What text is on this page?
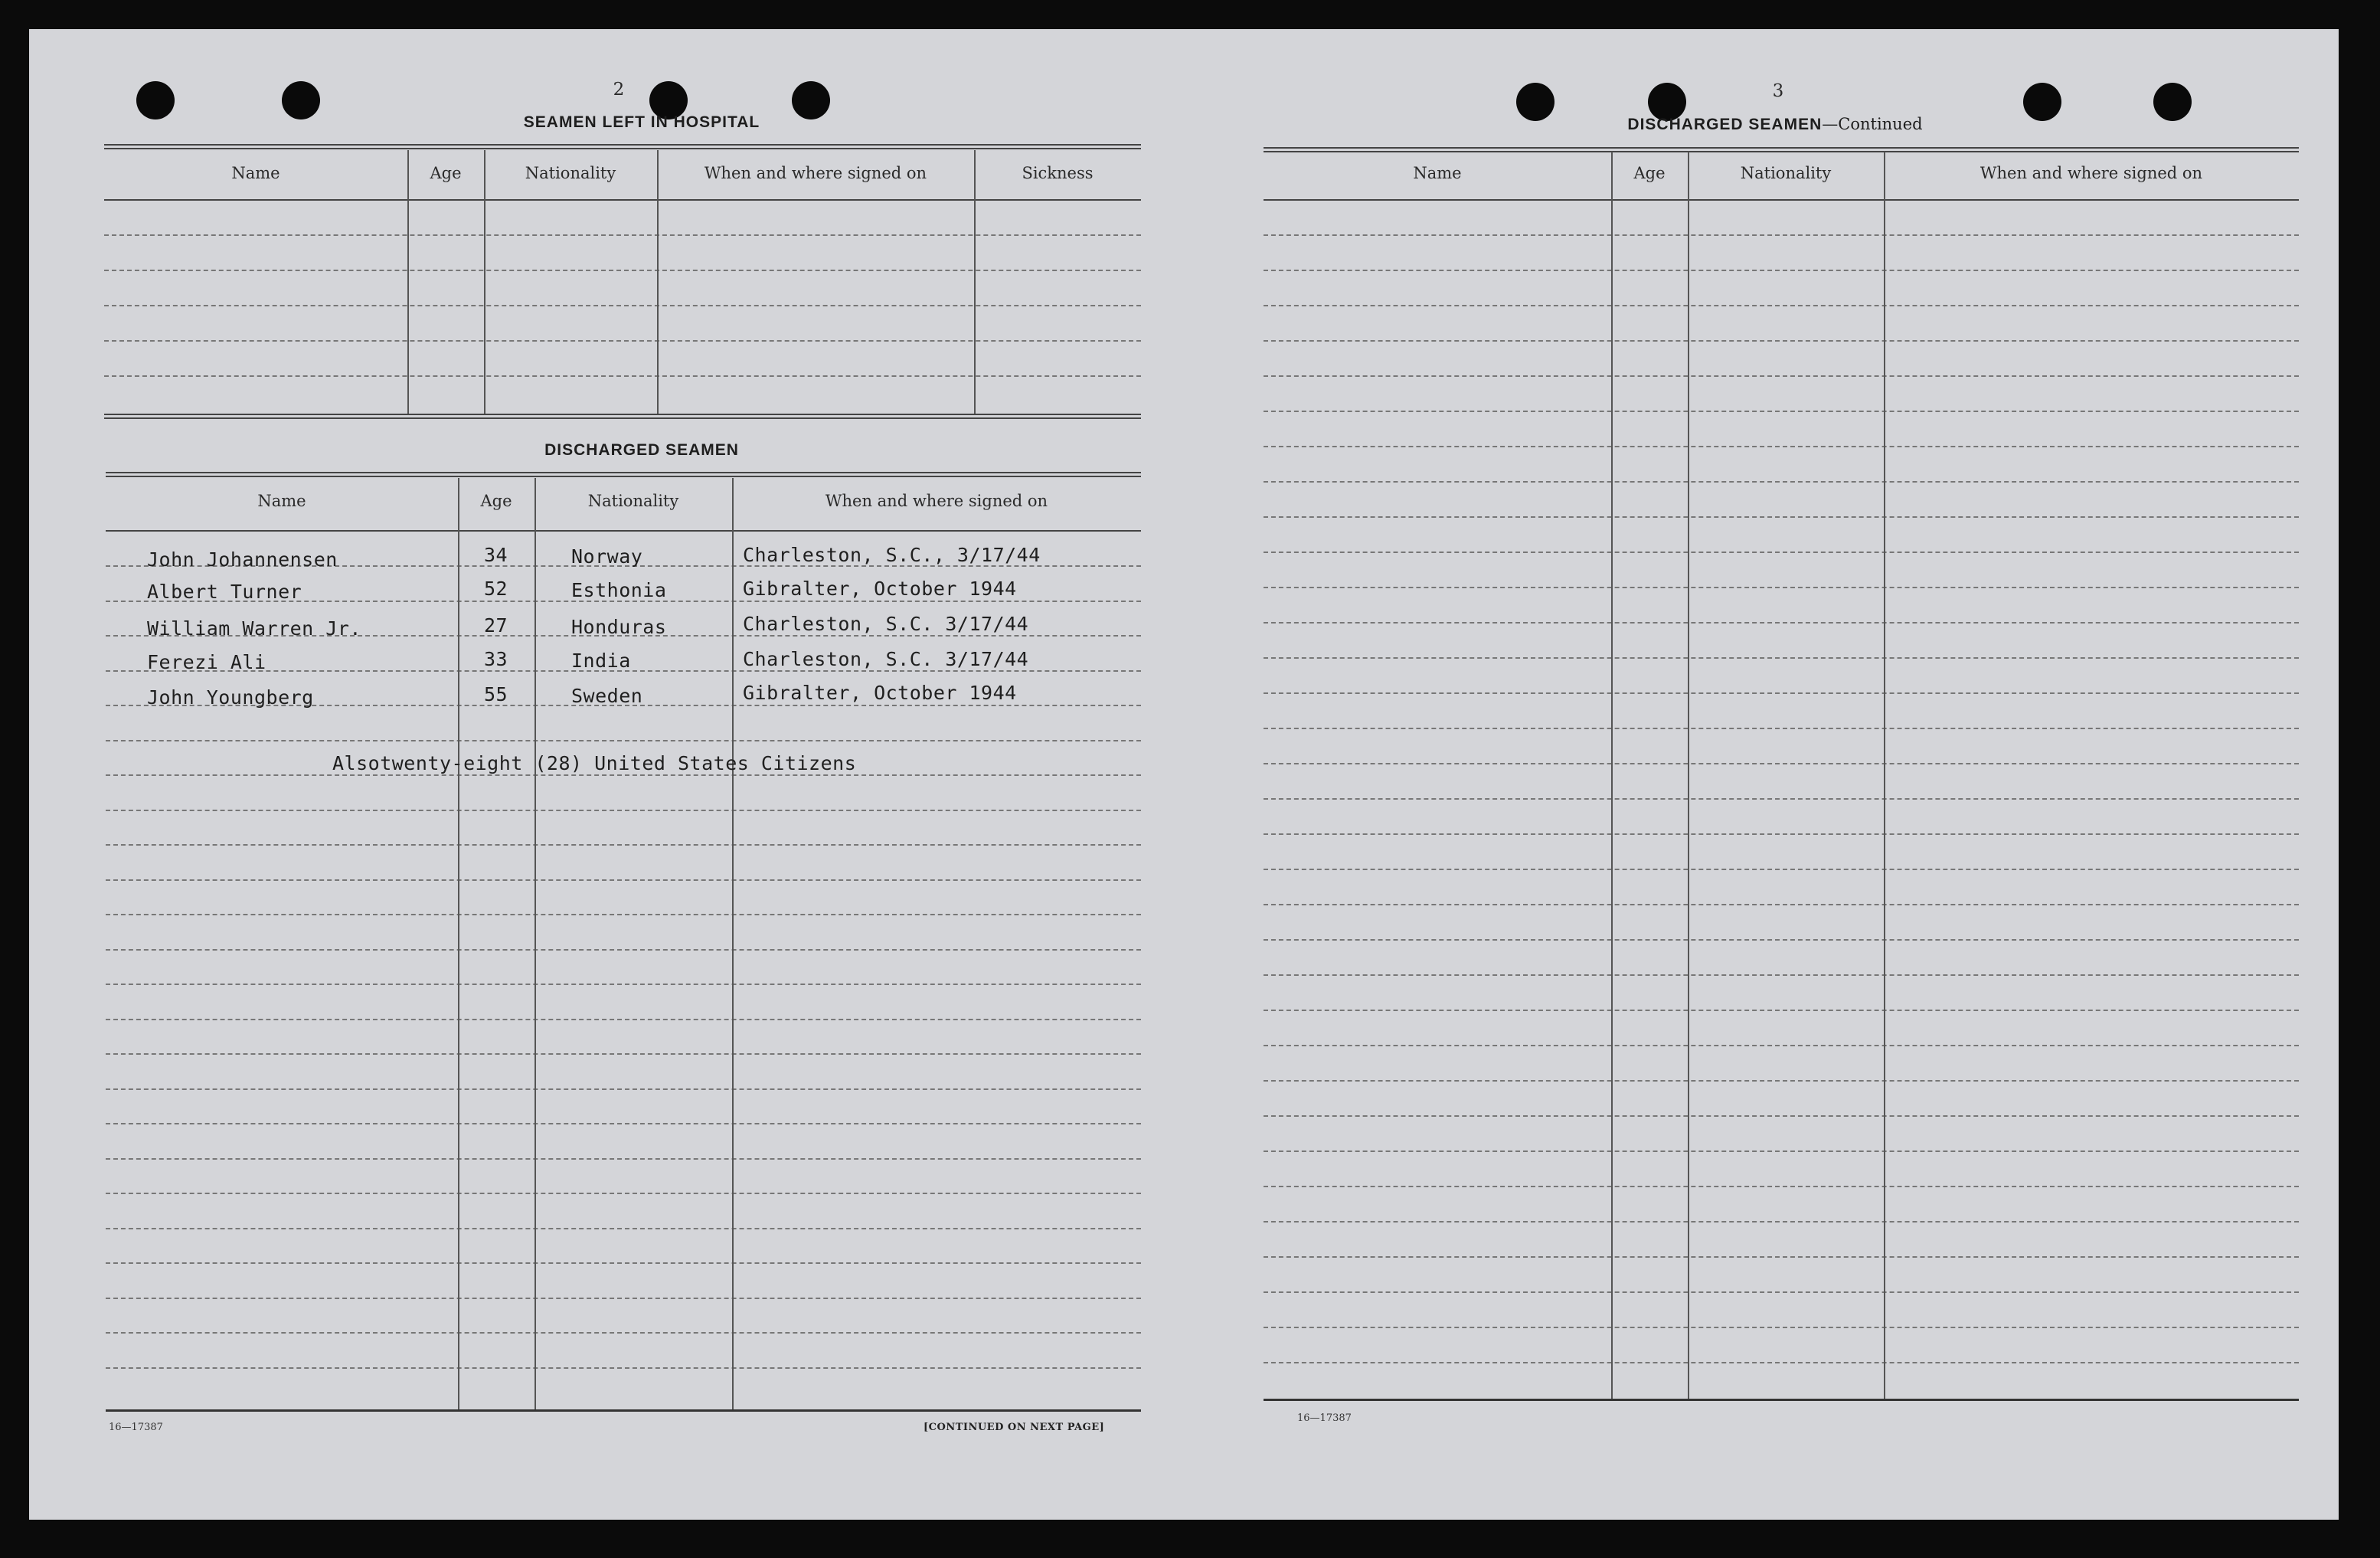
2
SEAMEN LEFT IN HOSPITAL
Name	Age	Nationality	When and where signed on	Sickness
DISCHARGED SEAMEN
Name	Age	Nationality	When and where signed on
John Johannensen	34	Norway	Charleston, S.C., 3/17/44
Albert Turner	52	Esthonia	Gibralter, October 1944
William Warren Jr.	27	Honduras	Charleston, S.C. 3/17/44
Ferezi Ali	33	India	Charleston, S.C. 3/17/44
John Youngberg	55	Sweden	Gibralter, October 1944
Alsotwenty-eight (28) United States Citizens
16—17387	[CONTINUED ON NEXT PAGE]
3
DISCHARGED SEAMEN—Continued
Name	Age	Nationality	When and where signed on
16—17387
